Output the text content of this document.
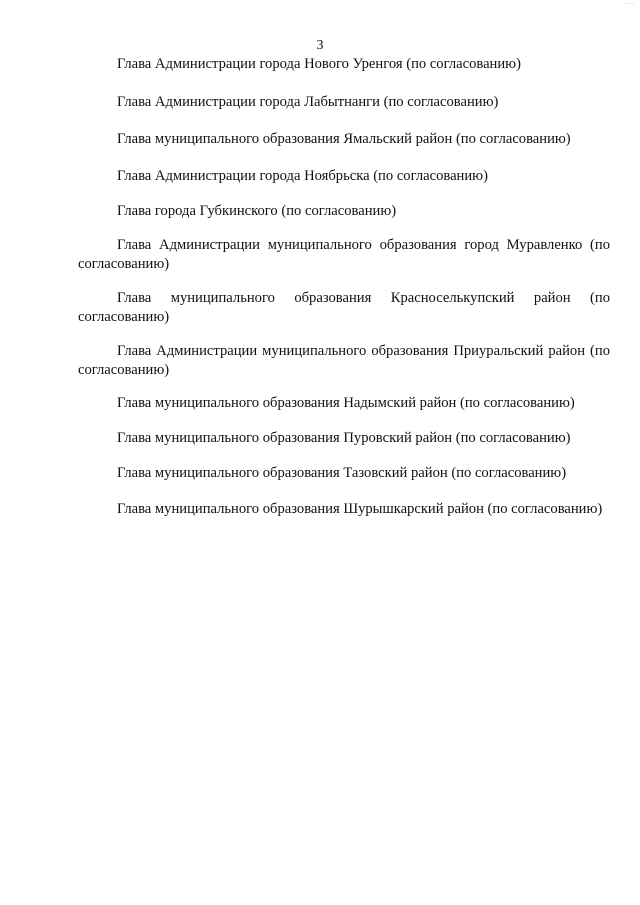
...
3

Глава Администрации города Нового Уренгоя (по согласованию)

Глава Администрации города Лабытнанги (по согласованию)

Глава муниципального образования Ямальский район (по согласованию)

Глава Администрации города Ноябрьска (по согласованию)

Глава города Губкинского (по согласованию)

Глава Администрации муниципального образования город Муравленко (по согласованию)

Глава муниципального образования Красноселькупский район (по согласованию)

Глава Администрации муниципального образования Приуральский район (по согласованию)

Глава муниципального образования Надымский район (по согласованию)

Глава муниципального образования Пуровский район (по согласованию)

Глава муниципального образования Тазовский район (по согласованию)

Глава муниципального образования Шурышкарский район (по согласованию)
